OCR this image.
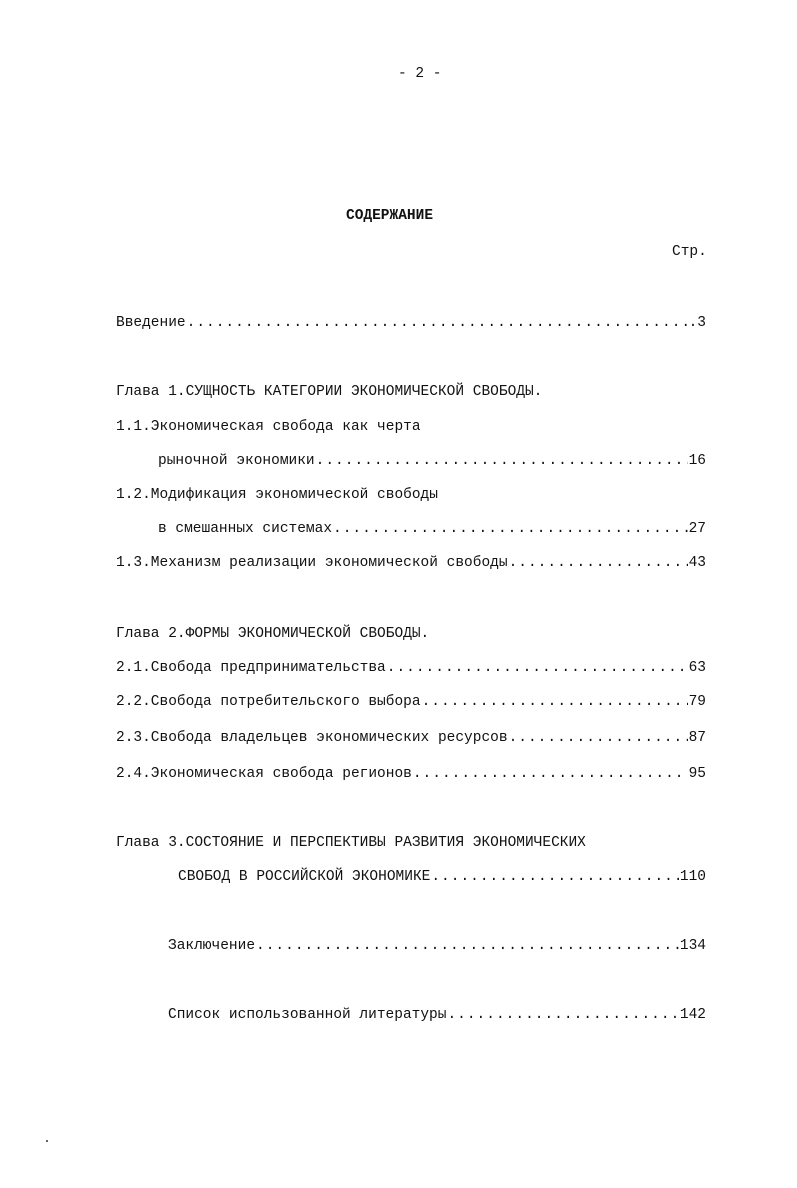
- 2 -
СОДЕРЖАНИЕ
Стр.
Введение .....	.3
Глава 1.СУЩНОСТЬ КАТЕГОРИИ ЭКОНОМИЧЕСКОЙ СВОБОДЫ.
1.1.Экономическая свобода как черта
рыночной экономики .....	16
1.2.Модификация экономической свободы
в смешанных системах .....	27
1.3.Механизм реализации экономической свободы .....	43
Глава 2.ФОРМЫ ЭКОНОМИЧЕСКОЙ СВОБОДЫ.
2.1.Свобода предпринимательства .....	63
2.2.Свобода потребительского выбора .....	79
2.3.Свобода владельцев экономических ресурсов .....	87
2.4.Экономическая свобода регионов .....	95
Глава 3.СОСТОЯНИЕ И ПЕРСПЕКТИВЫ РАЗВИТИЯ ЭКОНОМИЧЕСКИХ
СВОБОД В РОССИЙСКОЙ ЭКОНОМИКЕ .....	110
Заключение .....	134
Список использованной литературы .....	142
